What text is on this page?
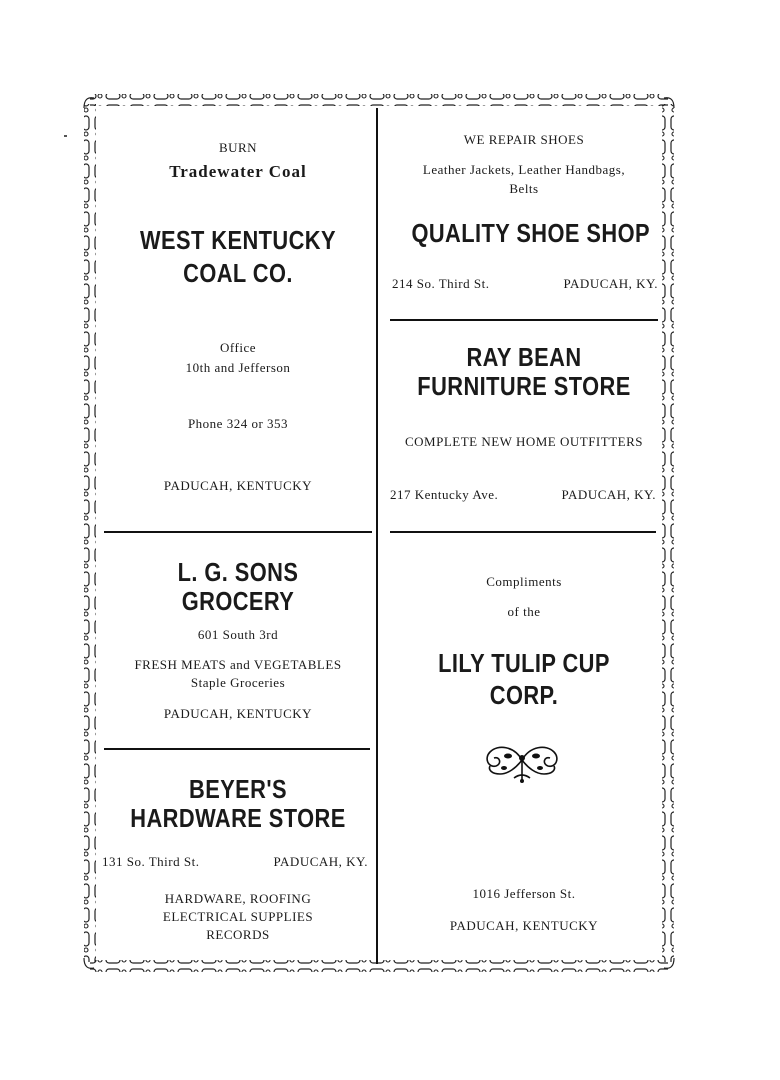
BURN
Tradewater Coal
WEST KENTUCKY
COAL CO.
Office
10th and Jefferson
Phone 324 or 353
PADUCAH, KENTUCKY
L. G. SONS
GROCERY
601 South 3rd
FRESH MEATS and VEGETABLES
Staple Groceries
PADUCAH, KENTUCKY
BEYER'S
HARDWARE STORE
131 So. Third St.	PADUCAH, KY.
HARDWARE, ROOFING
ELECTRICAL SUPPLIES
RECORDS
WE REPAIR SHOES
Leather Jackets, Leather Handbags,
Belts
QUALITY SHOE SHOP
214 So. Third St.	PADUCAH, KY.
RAY BEAN
FURNITURE STORE
COMPLETE NEW HOME OUTFITTERS
217 Kentucky Ave.	PADUCAH, KY.
Compliments
of the
LILY TULIP CUP
CORP.
1016 Jefferson St.
PADUCAH, KENTUCKY
